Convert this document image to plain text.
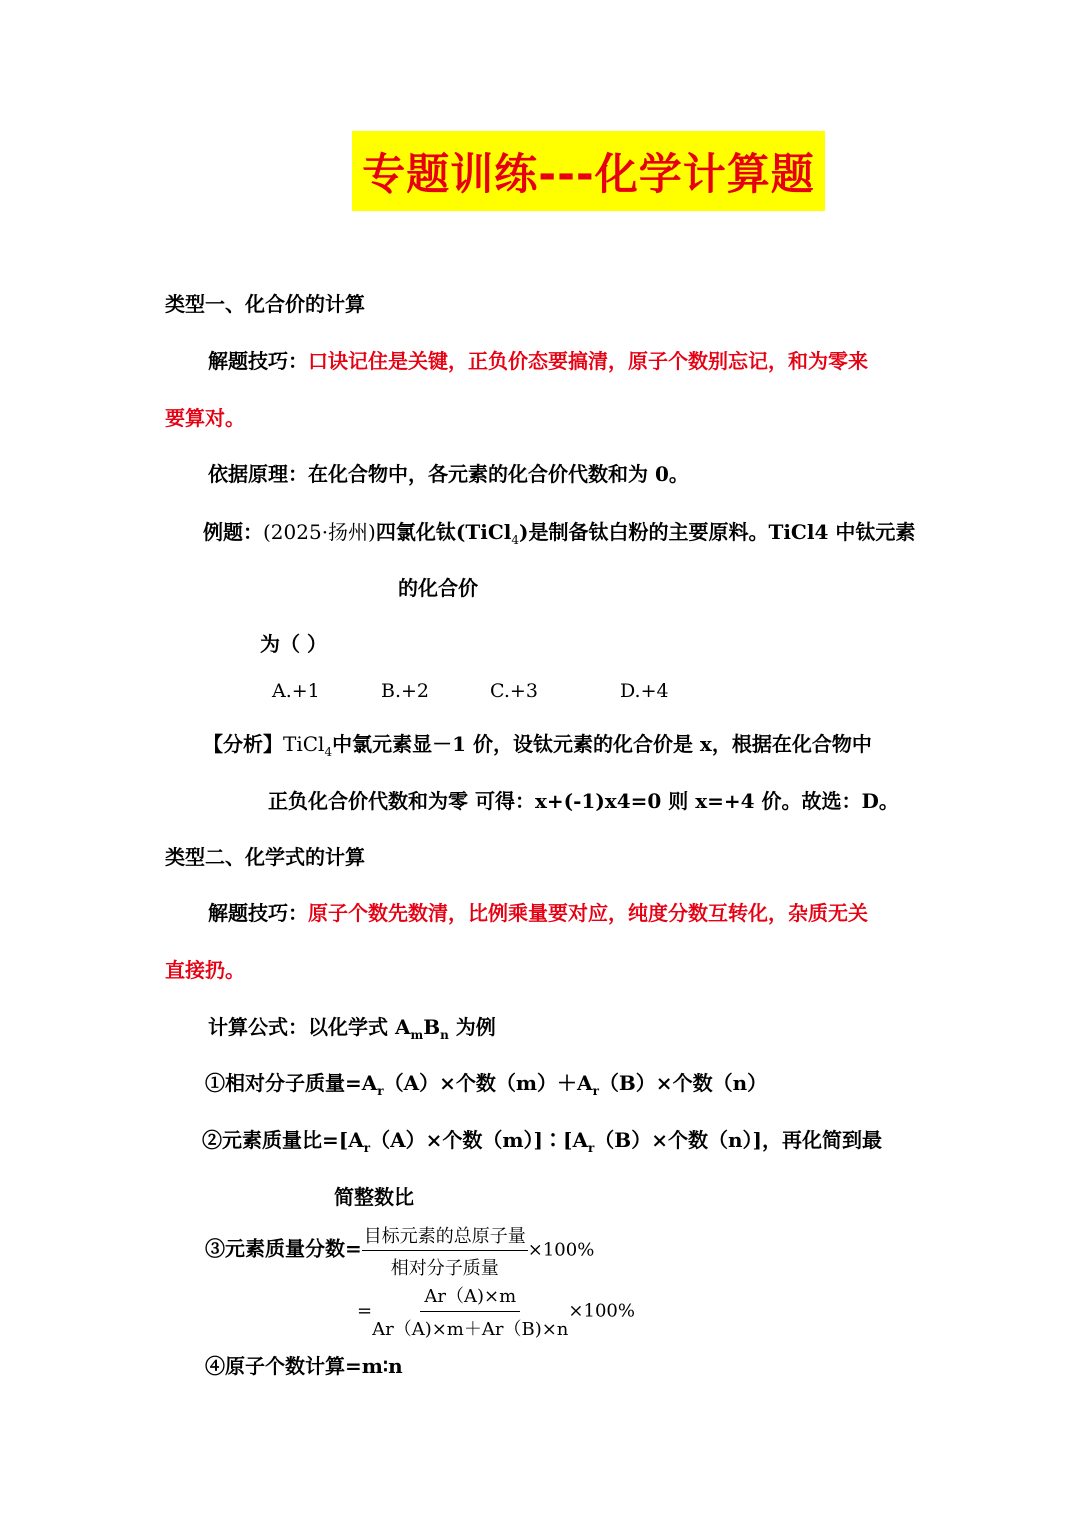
专题训练---化学计算题
类型一、化合价的计算
解题技巧：口诀记住是关键，正负价态要搞清，原子个数别忘记，和为零来
要算对。
依据原理：在化合物中，各元素的化合价代数和为 0。
例题：(2025·扬州)四氯化钛(TiCl$_4$)是制备钛白粉的主要原料。TiCl4 中钛元素
的化合价
为（ ）
A.+1	B.+2	C.+3	D.+4
【分析】TiCl$_4$中氯元素显－1 价，设钛元素的化合价是 x，根据在化合物中
正负化合价代数和为零 可得：x+(-1)x4=0 则 x=+4 价。故选：D。
类型二、化学式的计算
解题技巧：原子个数先数清，比例乘量要对应，纯度分数互转化，杂质无关
直接扔。
计算公式：以化学式 $A_mB_n$ 为例
①相对分子质量$=A_r(A)\times$个数$(m)+A_r(B)\times$个数（n）
②元素质量比$=[A_r(A)\times$个数$(m)]∶[A_r(B)\times$个数（n）]，再化简到最
简整数比
③元素质量分数= $\frac{\text{目标元素的总原子量}}{\text{相对分子质量}} \times 100\%$
= $\frac{Ar(A)\times m}{Ar(A)\times m+Ar(B)\times n} \times 100\%$
④原子个数计算=m∶n
